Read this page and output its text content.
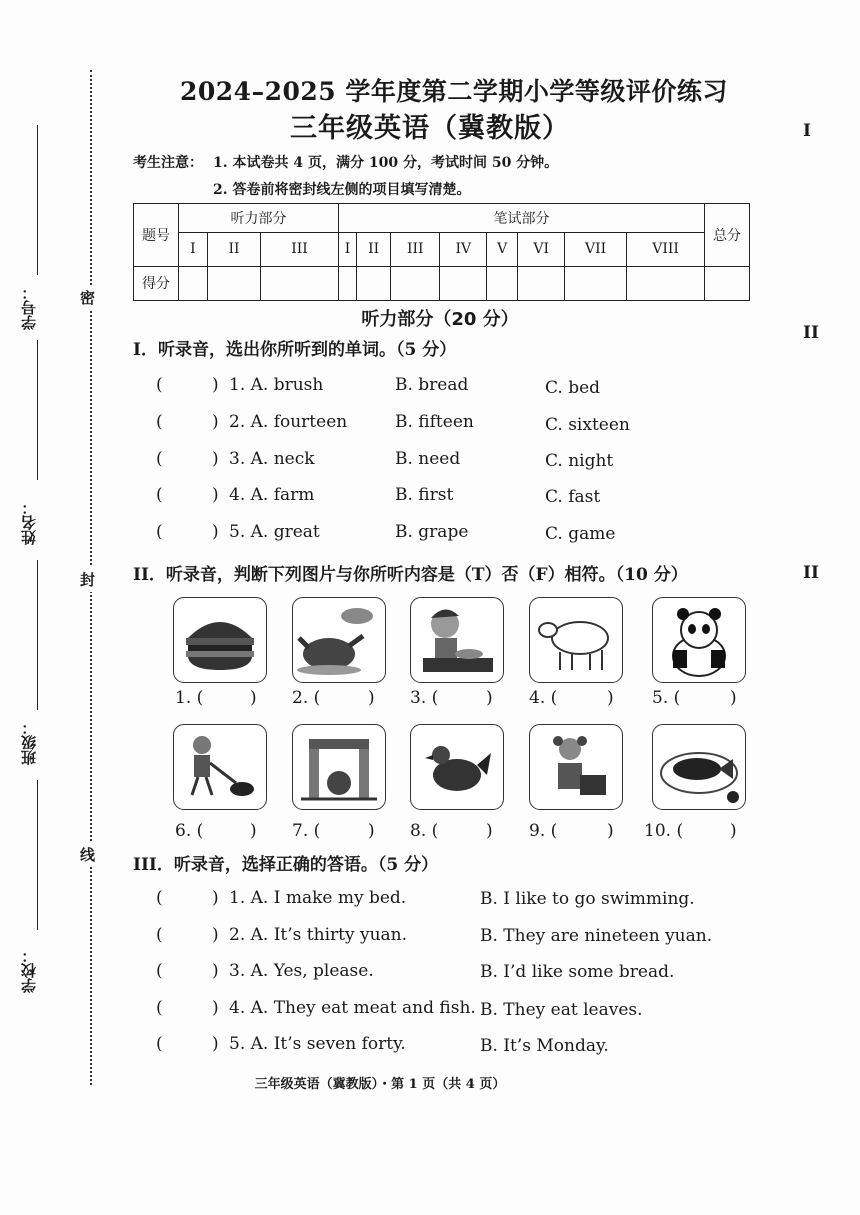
学号：
姓名：
班级：
学校：
密
封
线
I
II
II
2024–2025 学年度第二学期小学等级评价练习
三年级英语（冀教版）
考生注意： 1. 本试卷共 4 页，满分 100 分，考试时间 50 分钟。
2. 答卷前将密封线左侧的项目填写清楚。
题号	听力部分			笔试部分								总分
	I	II	III	I	II	III	IV	V	VI	VII	VIII	
得分												
听力部分（20 分）
I．听录音，选出你所听到的单词。（5 分）
(	) 1. A. brush	B. bread	C. bed
(	) 2. A. fourteen	B. fifteen	C. sixteen
(	) 3. A. neck	B. need	C. night
(	) 4. A. farm	B. first	C. fast
(	) 5. A. great	B. grape	C. game
II．听录音，判断下列图片与你所听内容是（T）否（F）相符。（10 分）
1. (	) 2. (	) 3. (	) 4. (	) 5. (	)
6. (	) 7. (	) 8. (	) 9. (	) 10. (	)
III．听录音，选择正确的答语。（5 分）
(	) 1. A. I make my bed.	B. I like to go swimming.
(	) 2. A. It’s thirty yuan.	B. They are nineteen yuan.
(	) 3. A. Yes, please.	B. I’d like some bread.
(	) 4. A. They eat meat and fish. B. They eat leaves.
(	) 5. A. It’s seven forty.	B. It’s Monday.
三年级英语（冀教版）・第 1 页（共 4 页）
